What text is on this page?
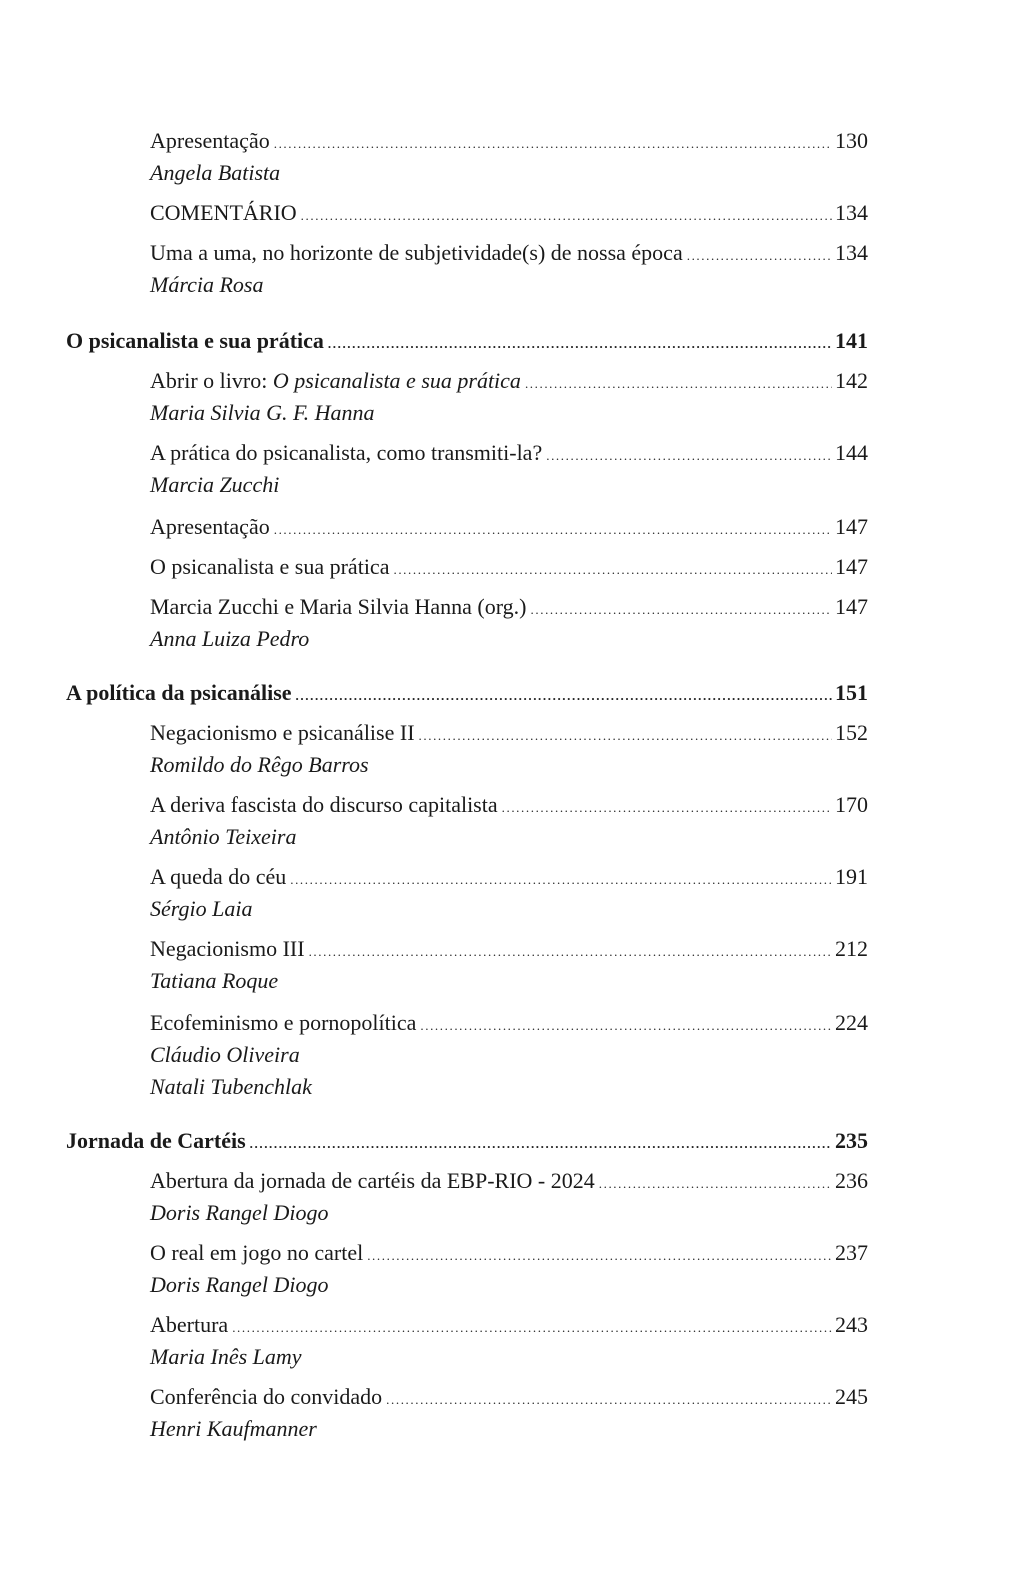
Apresentação .....	130
Angela Batista
COMENTÁRIO .....	134
Uma a uma, no horizonte de subjetividade(s) de nossa época .....	134
Márcia Rosa
O psicanalista e sua prática .....	141
Abrir o livro: O psicanalista e sua prática .....	142
Maria Silvia G. F. Hanna
A prática do psicanalista, como transmiti-la? .....	144
Marcia Zucchi
Apresentação .....	147
O psicanalista e sua prática .....	147
Marcia Zucchi e Maria Silvia Hanna (org.) .....	147
Anna Luiza Pedro
A política da psicanálise .....	151
Negacionismo e psicanálise II .....	152
Romildo do Rêgo Barros
A deriva fascista do discurso capitalista .....	170
Antônio Teixeira
A queda do céu .....	191
Sérgio Laia
Negacionismo III .....	212
Tatiana Roque
Ecofeminismo e pornopolítica .....	224
Cláudio Oliveira
Natali Tubenchlak
Jornada de Cartéis .....	235
Abertura da jornada de cartéis da EBP-RIO - 2024 .....	236
Doris Rangel Diogo
O real em jogo no cartel .....	237
Doris Rangel Diogo
Abertura .....	243
Maria Inês Lamy
Conferência do convidado .....	245
Henri Kaufmanner
